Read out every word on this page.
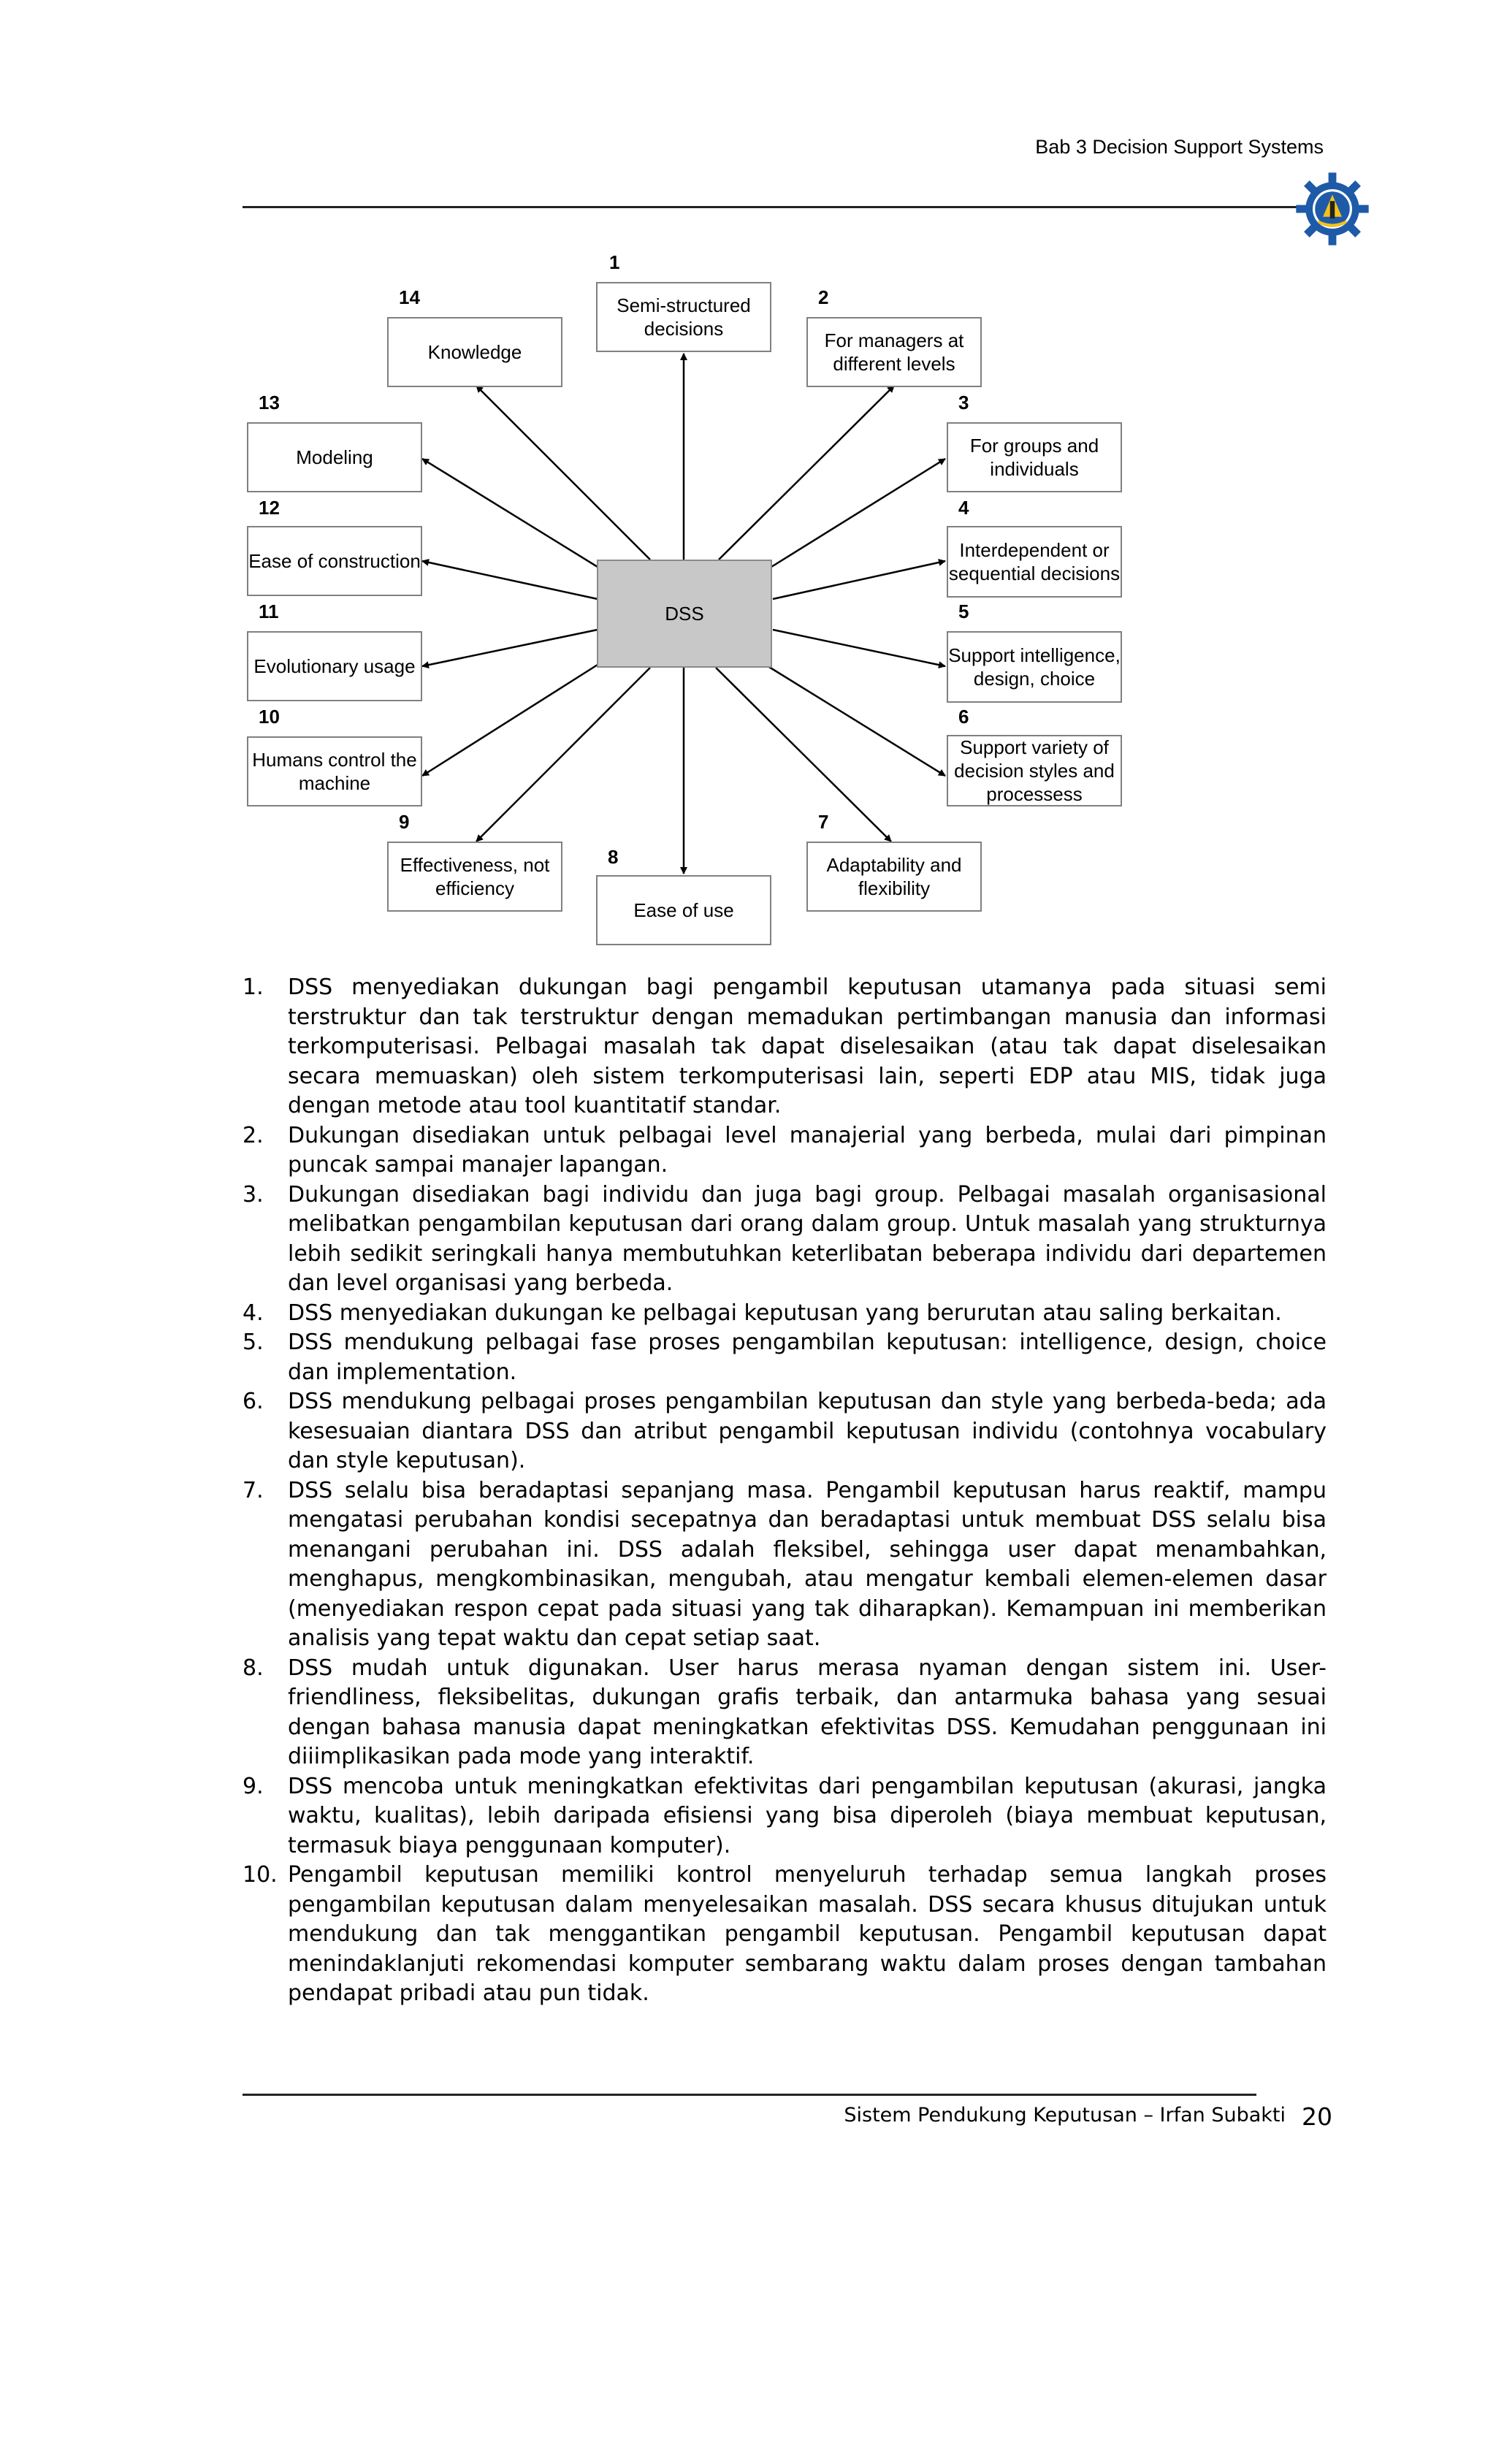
Bab 3 Decision Support Systems
DSS
1
Semi-structured decisions
2
For managers at different levels
3
For groups and individuals
4
Interdependent or sequential decisions
5
Support intelligence, design, choice
6
Support variety of decision styles and processess
7
Adaptability and flexibility
8
Ease of use
9
Effectiveness, not efficiency
10
Humans control the machine
11
Evolutionary usage
12
Ease of construction
13
Modeling
14
Knowledge
1. DSS menyediakan dukungan bagi pengambil keputusan utamanya pada situasi semi terstruktur dan tak terstruktur dengan memadukan pertimbangan manusia dan informasi terkomputerisasi. Pelbagai masalah tak dapat diselesaikan (atau tak dapat diselesaikan secara memuaskan) oleh sistem terkomputerisasi lain, seperti EDP atau MIS, tidak juga dengan metode atau tool kuantitatif standar.
2. Dukungan disediakan untuk pelbagai level manajerial yang berbeda, mulai dari pimpinan puncak sampai manajer lapangan.
3. Dukungan disediakan bagi individu dan juga bagi group. Pelbagai masalah organisasional melibatkan pengambilan keputusan dari orang dalam group. Untuk masalah yang strukturnya lebih sedikit seringkali hanya membutuhkan keterlibatan beberapa individu dari departemen dan level organisasi yang berbeda.
4. DSS menyediakan dukungan ke pelbagai keputusan yang berurutan atau saling berkaitan.
5. DSS mendukung pelbagai fase proses pengambilan keputusan: intelligence, design, choice dan implementation.
6. DSS mendukung pelbagai proses pengambilan keputusan dan style yang berbeda-beda; ada kesesuaian diantara DSS dan atribut pengambil keputusan individu (contohnya vocabulary dan style keputusan).
7. DSS selalu bisa beradaptasi sepanjang masa. Pengambil keputusan harus reaktif, mampu mengatasi perubahan kondisi secepatnya dan beradaptasi untuk membuat DSS selalu bisa menangani perubahan ini. DSS adalah fleksibel, sehingga user dapat menambahkan, menghapus, mengkombinasikan, mengubah, atau mengatur kembali elemen-elemen dasar (menyediakan respon cepat pada situasi yang tak diharapkan). Kemampuan ini memberikan analisis yang tepat waktu dan cepat setiap saat.
8. DSS mudah untuk digunakan. User harus merasa nyaman dengan sistem ini. User-friendliness, fleksibelitas, dukungan grafis terbaik, dan antarmuka bahasa yang sesuai dengan bahasa manusia dapat meningkatkan efektivitas DSS. Kemudahan penggunaan ini diiimplikasikan pada mode yang interaktif.
9. DSS mencoba untuk meningkatkan efektivitas dari pengambilan keputusan (akurasi, jangka waktu, kualitas), lebih daripada efisiensi yang bisa diperoleh (biaya membuat keputusan, termasuk biaya penggunaan komputer).
10. Pengambil keputusan memiliki kontrol menyeluruh terhadap semua langkah proses pengambilan keputusan dalam menyelesaikan masalah. DSS secara khusus ditujukan untuk mendukung dan tak menggantikan pengambil keputusan. Pengambil keputusan dapat menindaklanjuti rekomendasi komputer sembarang waktu dalam proses dengan tambahan pendapat pribadi atau pun tidak.
Sistem Pendukung Keputusan – Irfan Subakti 20
